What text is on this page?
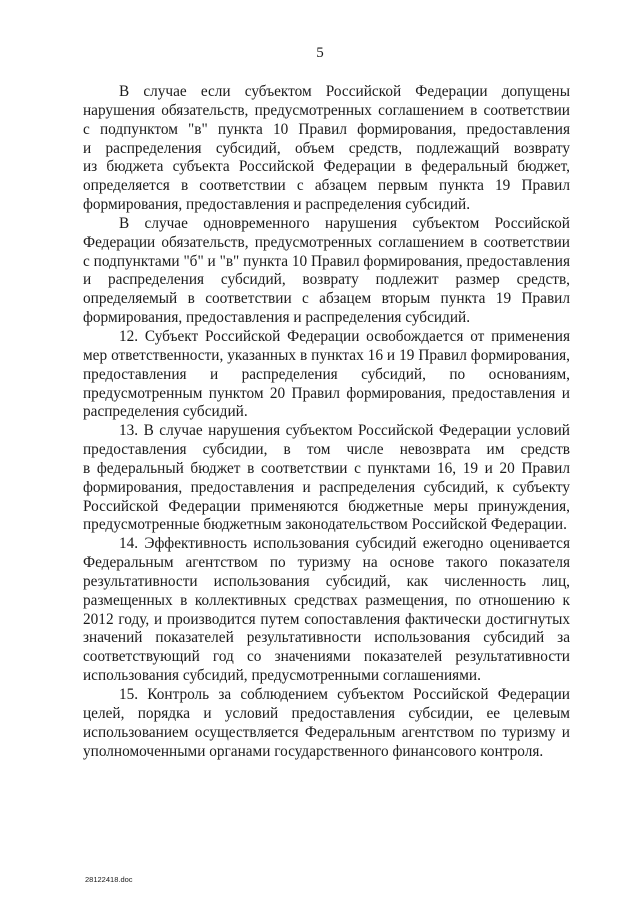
5
В случае если субъектом Российской Федерации допущены
нарушения обязательств, предусмотренных соглашением в соответствии
с подпунктом "в" пункта 10 Правил формирования, предоставления
и распределения субсидий, объем средств, подлежащий возврату
из бюджета субъекта Российской Федерации в федеральный бюджет,
определяется в соответствии с абзацем первым пункта 19 Правил
формирования, предоставления и распределения субсидий.
В случае одновременного нарушения субъектом Российской
Федерации обязательств, предусмотренных соглашением в соответствии
с подпунктами "б" и "в" пункта 10 Правил формирования, предоставления
и распределения субсидий, возврату подлежит размер средств,
определяемый в соответствии с абзацем вторым пункта 19 Правил
формирования, предоставления и распределения субсидий.
12. Субъект Российской Федерации освобождается от применения
мер ответственности, указанных в пунктах 16 и 19 Правил формирования,
предоставления и распределения субсидий, по основаниям,
предусмотренным пунктом 20 Правил формирования, предоставления и
распределения субсидий.
13. В случае нарушения субъектом Российской Федерации условий
предоставления субсидии, в том числе невозврата им средств
в федеральный бюджет в соответствии с пунктами 16, 19 и 20 Правил
формирования, предоставления и распределения субсидий, к субъекту
Российской Федерации применяются бюджетные меры принуждения,
предусмотренные бюджетным законодательством Российской Федерации.
14. Эффективность использования субсидий ежегодно оценивается
Федеральным агентством по туризму на основе такого показателя
результативности использования субсидий, как численность лиц,
размещенных в коллективных средствах размещения, по отношению к
2012 году, и производится путем сопоставления фактически достигнутых
значений показателей результативности использования субсидий за
соответствующий год со значениями показателей результативности
использования субсидий, предусмотренными соглашениями.
15. Контроль за соблюдением субъектом Российской Федерации
целей, порядка и условий предоставления субсидии, ее целевым
использованием осуществляется Федеральным агентством по туризму и
уполномоченными органами государственного финансового контроля.
28122418.doc
